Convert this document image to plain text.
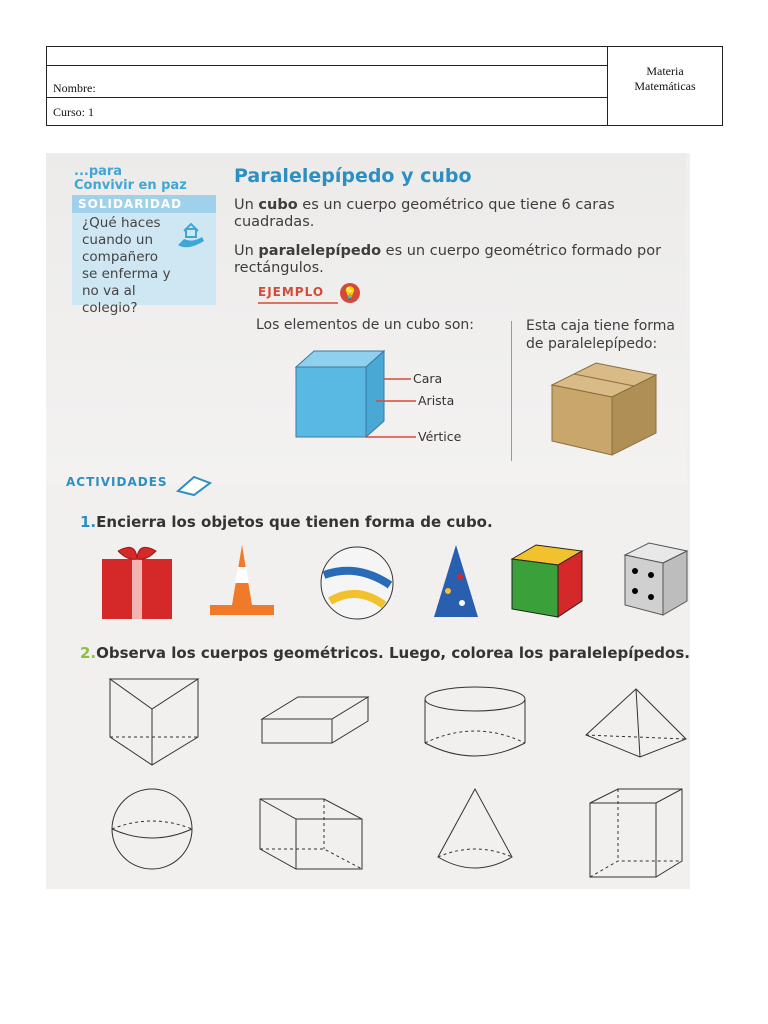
Nombre:
Curso: 1
Materia
Matemáticas
...para
Convivir en paz
SOLIDARIDAD
¿Qué haces cuando un compañero se enferma y no va al colegio?
Paralelepípedo y cubo
Un cubo es un cuerpo geométrico que tiene 6 caras cuadradas.
Un paralelepípedo es un cuerpo geométrico formado por rectángulos.
EJEMPLO 💡
Los elementos de un cubo son:	Esta caja tiene forma de paralelepípedo:
Cara
Arista
Vértice
ACTIVIDADES
1.Encierra los objetos que tienen forma de cubo.
2.Observa los cuerpos geométricos. Luego, colorea los paralelepípedos.
